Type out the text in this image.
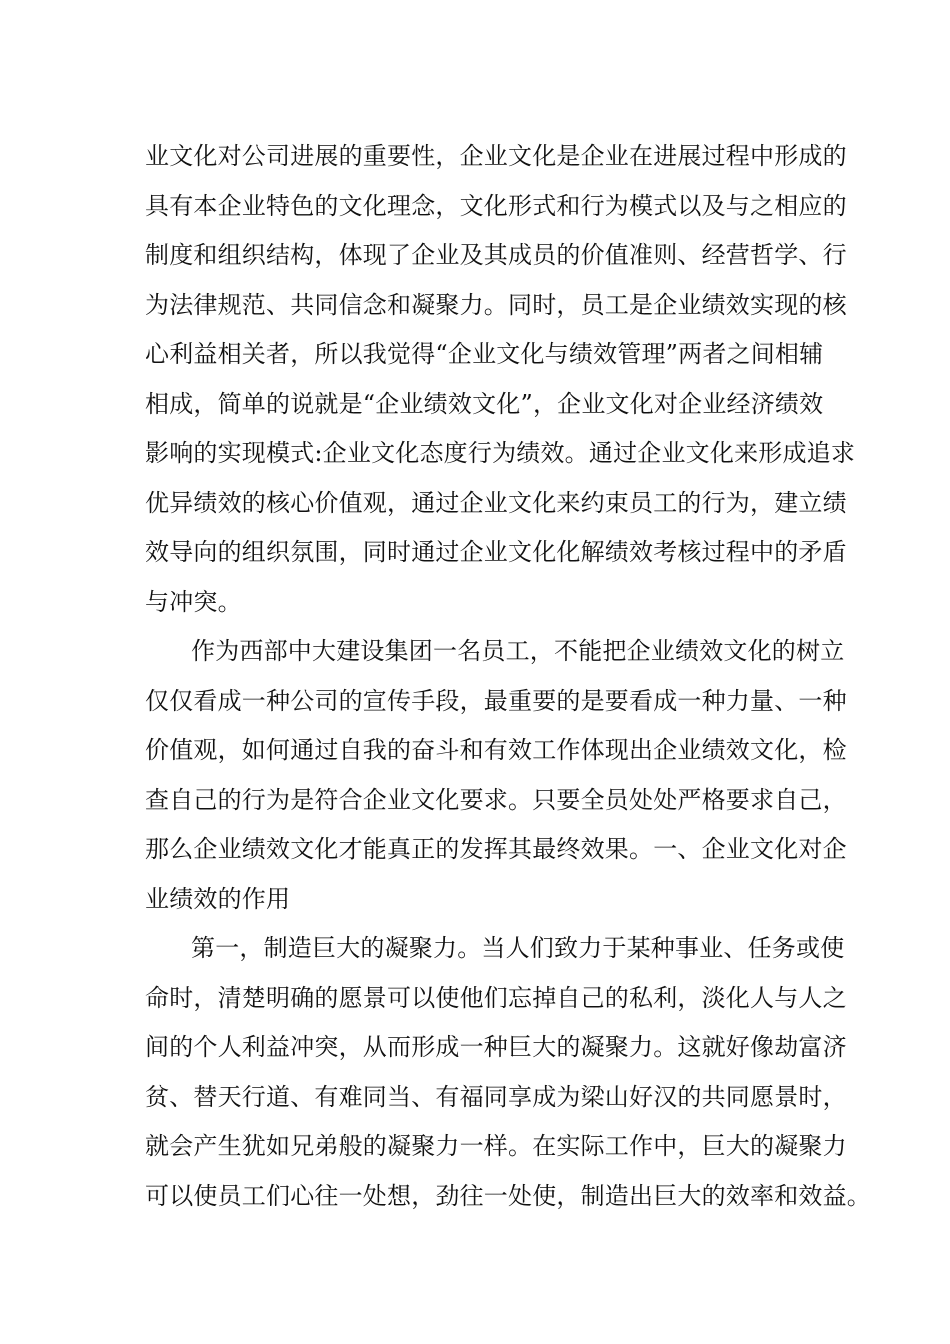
业文化对公司进展的重要性，企业文化是企业在进展过程中形成的
具有本企业特色的文化理念，文化形式和行为模式以及与之相应的
制度和组织结构，体现了企业及其成员的价值准则、经营哲学、行
为法律规范、共同信念和凝聚力。同时，员工是企业绩效实现的核
心利益相关者，所以我觉得“企业文化与绩效管理”两者之间相辅
相成，简单的说就是“企业绩效文化”，企业文化对企业经济绩效
影响的实现模式:企业文化态度行为绩效。通过企业文化来形成追求
优异绩效的核心价值观，通过企业文化来约束员工的行为，建立绩
效导向的组织氛围，同时通过企业文化化解绩效考核过程中的矛盾
与冲突。
作为西部中大建设集团一名员工，不能把企业绩效文化的树立
仅仅看成一种公司的宣传手段，最重要的是要看成一种力量、一种
价值观，如何通过自我的奋斗和有效工作体现出企业绩效文化，检
查自己的行为是符合企业文化要求。只要全员处处严格要求自己，
那么企业绩效文化才能真正的发挥其最终效果。一、企业文化对企
业绩效的作用
第一，制造巨大的凝聚力。当人们致力于某种事业、任务或使
命时，清楚明确的愿景可以使他们忘掉自己的私利，淡化人与人之
间的个人利益冲突，从而形成一种巨大的凝聚力。这就好像劫富济
贫、替天行道、有难同当、有福同享成为梁山好汉的共同愿景时，
就会产生犹如兄弟般的凝聚力一样。在实际工作中，巨大的凝聚力
可以使员工们心往一处想，劲往一处使，制造出巨大的效率和效益。
